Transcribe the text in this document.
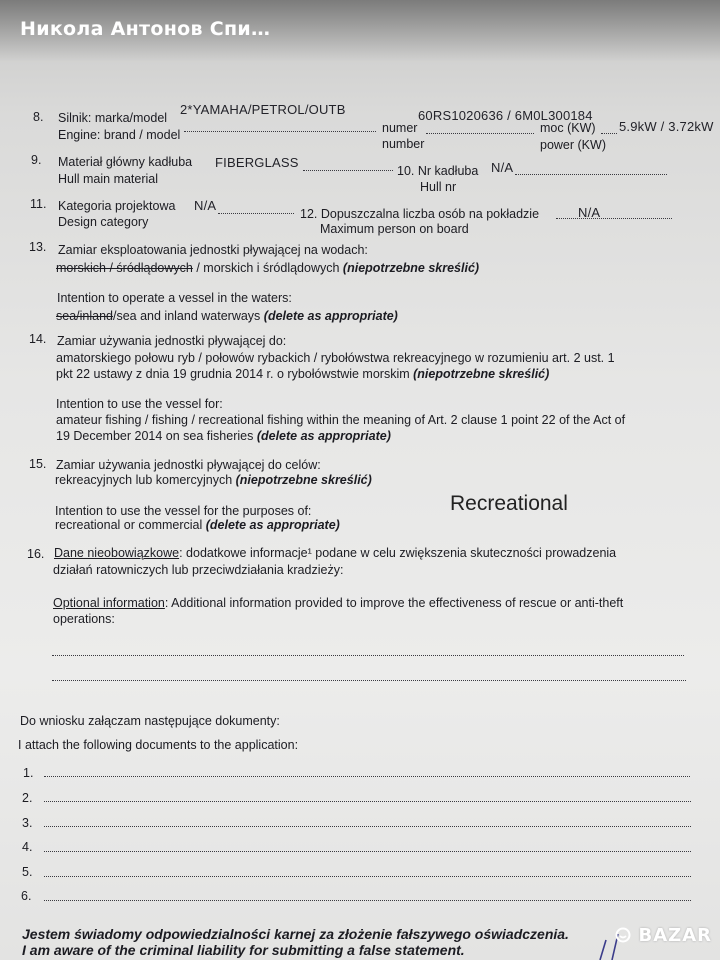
Никола Антонов Спи…
8. Silnik: marka/model
Engine: brand / model
2*YAMAHA/PETROL/OUTB
numer
number
60RS1020636 / 6M0L300184
moc (KW)
power (KW)
5.9kW / 3.72kW
9. Materiał główny kadłuba
Hull main material
FIBERGLASS
10. Nr kadłuba
Hull nr
N/A
11. Kategoria projektowa
Design category
N/A
12. Dopuszczalna liczba osób na pokładzie
Maximum person on board
N/A
13. Zamiar eksploatowania jednostki pływającej na wodach:
morskich / śródlądowych / morskich i śródlądowych (niepotrzebne skreślić)
Intention to operate a vessel in the waters:
sea/inland/sea and inland waterways (delete as appropriate)
14. Zamiar używania jednostki pływającej do:
amatorskiego połowu ryb / połowów rybackich / rybołówstwa rekreacyjnego w rozumieniu art. 2 ust. 1
pkt 22 ustawy z dnia 19 grudnia 2014 r. o rybołówstwie morskim (niepotrzebne skreślić)
Intention to use the vessel for:
amateur fishing / fishing / recreational fishing within the meaning of Art. 2 clause 1 point 22 of the Act of
19 December 2014 on sea fisheries (delete as appropriate)
15. Zamiar używania jednostki pływającej do celów:
rekreacyjnych lub komercyjnych (niepotrzebne skreślić)
Intention to use the vessel for the purposes of:
recreational or commercial (delete as appropriate)
Recreational
16. Dane nieobowiązkowe: dodatkowe informacje¹ podane w celu zwiększenia skuteczności prowadzenia
działań ratowniczych lub przeciwdziałania kradzieży:
Optional information: Additional information provided to improve the effectiveness of rescue or anti-theft
operations:
Do wniosku załączam następujące dokumenty:
I attach the following documents to the application:
1.
2.
3.
4.
5.
6.
Jestem świadomy odpowiedzialności karnej za złożenie fałszywego oświadczenia.
I am aware of the criminal liability for submitting a false statement.
BAZAR
